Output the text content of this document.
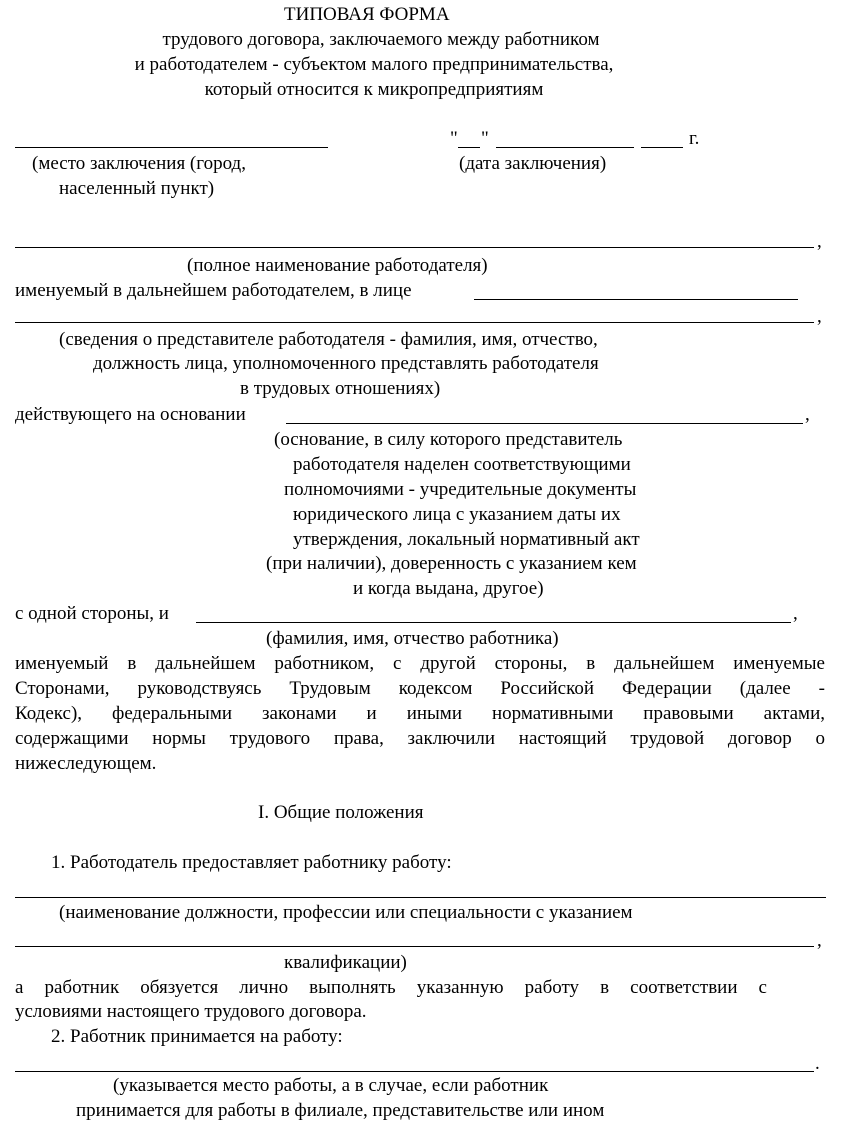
ТИПОВАЯ ФОРМА
трудового договора, заключаемого между работником
и работодателем - субъектом малого предпринимательства,
который относится к микропредприятиям
" "	г.
(место заключения (город,
населенный пункт)
(дата заключения)
,
(полное наименование работодателя)
именуемый в дальнейшем работодателем, в лице
,
(сведения о представителе работодателя - фамилия, имя, отчество,
должность лица, уполномоченного представлять работодателя
в трудовых отношениях)
действующего на основании	,
(основание, в силу которого представитель
работодателя наделен соответствующими
полномочиями - учредительные документы
юридического лица с указанием даты их
утверждения, локальный нормативный акт
(при наличии), доверенность с указанием кем
и когда выдана, другое)
с одной стороны, и	,
(фамилия, имя, отчество работника)
именуемый в дальнейшем работником, с другой стороны, в дальнейшем именуемые
Сторонами, руководствуясь Трудовым кодексом Российской Федерации (далее -
Кодекс), федеральными законами и иными нормативными правовыми актами,
содержащими нормы трудового права, заключили настоящий трудовой договор о
нижеследующем.
I. Общие положения
1. Работодатель предоставляет работнику работу:
(наименование должности, профессии или специальности с указанием
,
квалификации)
а работник обязуется лично выполнять указанную работу в соответствии с
условиями настоящего трудового договора.
2. Работник принимается на работу:
.
(указывается место работы, а в случае, если работник
принимается для работы в филиале, представительстве или ином
